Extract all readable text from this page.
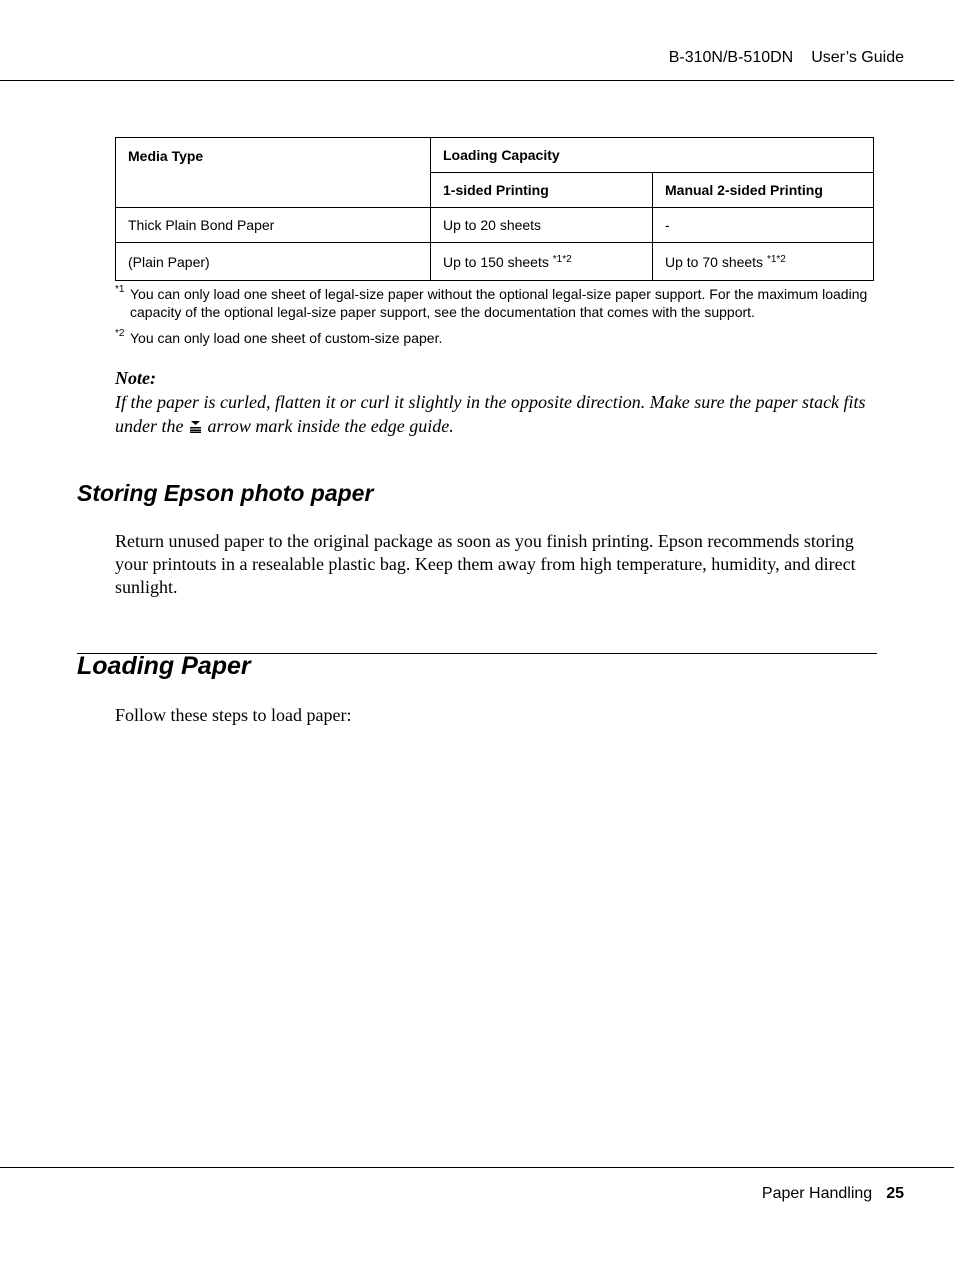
B-310N/B-510DN User’s Guide
Media Type	Loading Capacity	
	1-sided Printing	Manual 2-sided Printing
Thick Plain Bond Paper	Up to 20 sheets	-
(Plain Paper)	Up to 150 sheets $^{*1*2}$	Up to 70 sheets $^{*1*2}$
*1 You can only load one sheet of legal-size paper without the optional legal-size paper support. For the maximum loading capacity of the optional legal-size paper support, see the documentation that comes with the support.
*2 You can only load one sheet of custom-size paper.
Note:
If the paper is curled, flatten it or curl it slightly in the opposite direction. Make sure the paper stack fits under the arrow mark inside the edge guide.
Storing Epson photo paper
Return unused paper to the original package as soon as you finish printing. Epson recommends storing your printouts in a resealable plastic bag. Keep them away from high temperature, humidity, and direct sunlight.
Loading Paper
Follow these steps to load paper:
Paper Handling 25
